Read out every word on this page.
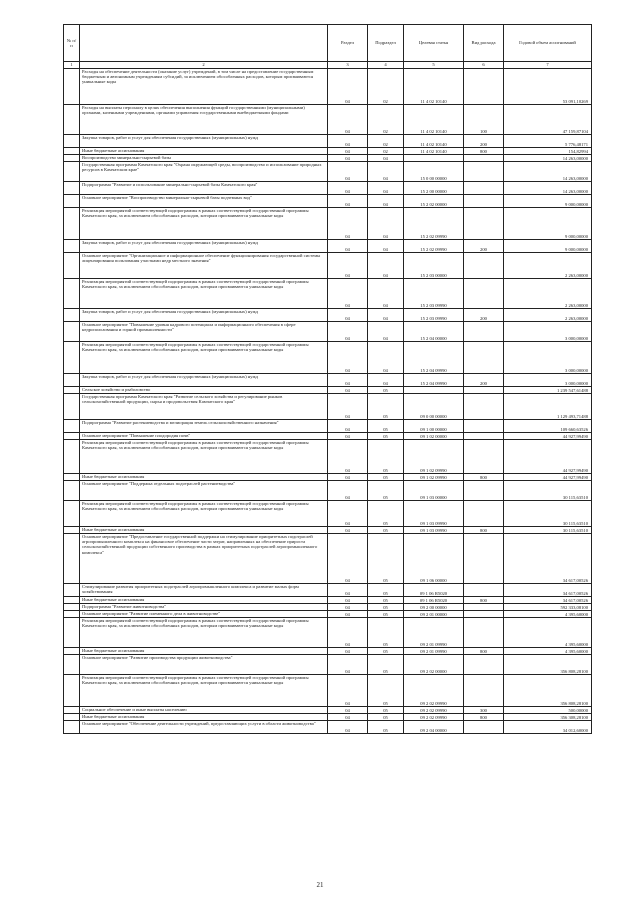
№ п/п		Раздел	Подраздел	Целевая статья	Вид расхода	Годовой объем ассигнований
1	2	3	4	5	6	7
	Расходы на обеспечение деятельности (оказание услуг) учреждений, в том числе на предоставление государственным бюджетным и автономным учреждениям субсидий, за исключением обособленных расходов, которым присваиваются уникальные коды	04	02	11 4 02 10140		53 091,10269
	Расходы на выплаты персоналу в целях обеспечения выполнения функций государственными (муниципальными) органами, казенными учреждениями, органами управления государственными внебюджетными фондами	04	02	11 4 02 10140	100	47 159,87104
	Закупка товаров, работ и услуг для обеспечения государственных (муниципальных) нужд	04	02	11 4 02 10140	200	5 776,48171
	Иные бюджетные ассигнования	04	02	11 4 02 10140	800	154,82994
	Воспроизводство минерально-сырьевой базы	04	04			14 263,00000
	Государственная программа Камчатского края "Охрана окружающей среды, воспроизводство и использование природных ресурсов в Камчатском крае"	04	04	15 0 00 00000		14 263,00000
	Подпрограмма "Развитие и использование минерально-сырьевой базы Камчатского края"	04	04	15 2 00 00000		14 263,00000
	Основное мероприятие "Воспроизводство минерально-сырьевой базы подземных вод"	04	04	15 2 02 00000		9 000,00000
	Реализация мероприятий соответствующей подпрограммы в рамках соответствующей государственной программы Камчатского края, за исключением обособленных расходов, которым присваиваются уникальные коды	04	04	15 2 02 09990		9 000,00000
	Закупка товаров, работ и услуг для обеспечения государственных (муниципальных) нужд	04	04	15 2 02 09990	200	9 000,00000
	Основное мероприятие "Организационное и информационное обеспечение функционирования государственной системы лицензирования пользования участками недр местного значения"	04	04	15 2 03 00000		2 263,00000
	Реализация мероприятий соответствующей подпрограммы в рамках соответствующей государственной программы Камчатского края, за исключением обособленных расходов, которым присваиваются уникальные коды	04	04	15 2 03 09990		2 263,00000
	Закупка товаров, работ и услуг для обеспечения государственных (муниципальных) нужд	04	04	15 2 03 09990	200	2 263,00000
	Основное мероприятие "Повышение уровня кадрового потенциала и информационного обеспечения в сфере недропользования и горной промышленности"	04	04	15 2 04 00000		3 000,00000
	Реализация мероприятий соответствующей подпрограммы в рамках соответствующей государственной программы Камчатского края, за исключением обособленных расходов, которым присваиваются уникальные коды	04	04	15 2 04 09990		3 000,00000
	Закупка товаров, работ и услуг для обеспечения государственных (муниципальных) нужд	04	04	15 2 04 09990	200	3 000,00000
	Сельское хозяйство и рыболовство	04	05			1 239 547,61488
	Государственная программа Камчатского края "Развитие сельского хозяйства и регулирование рынков сельскохозяйственной продукции, сырья и продовольствия Камчатского края"	04	05	09 0 00 00000		1 129 493,71488
	Подпрограмма "Развитие растениеводства и мелиорация земель сельскохозяйственного назначения"	04	05	09 1 00 00000		109 660,63526
	Основное мероприятие "Повышение плодородия почв"	04	05	09 1 02 00000		44 927,99490
	Реализация мероприятий соответствующей подпрограммы в рамках соответствующей государственной программы Камчатского края, за исключением обособленных расходов, которым присваиваются уникальные коды	04	05	09 1 02 09990		44 927,99490
	Иные бюджетные ассигнования	04	05	09 1 02 09990	800	44 927,99490
	Основное мероприятие "Поддержка отдельных подотраслей растениеводства"	04	05	09 1 03 00000		30 115,63510
	Реализация мероприятий соответствующей подпрограммы в рамках соответствующей государственной программы Камчатского края, за исключением обособленных расходов, которым присваиваются уникальные коды	04	05	09 1 03 09990		30 115,63510
	Иные бюджетные ассигнования	04	05	09 1 03 09990	800	30 115,63510
	Основное мероприятие "Предоставление государственной поддержки на стимулирование приоритетных подотраслей агропромышленного комплекса на финансовое обеспечение части затрат, направленных на обеспечение прироста сельскохозяйственной продукции собственного производства в рамках приоритетных подотраслей агропромышленного комплекса"	04	05	09 1 06 00000		34 617,00526
	Стимулирование развития приоритетных подотраслей агропромышленного комплекса и развитие малых форм хозяйствования	04	05	09 1 06 R5020		34 617,00526
	Иные бюджетные ассигнования	04	05	09 1 06 R5020	800	34 617,00526
	Подпрограмма "Развитие животноводства"	04	05	09 2 00 00000		592 333,08100
	Основное мероприятие "Развитие племенного дела в животноводстве"	04	05	09 2 01 00000		4 395,60000
	Реализация мероприятий соответствующей подпрограммы в рамках соответствующей государственной программы Камчатского края, за исключением обособленных расходов, которым присваиваются уникальные коды	04	05	09 2 01 09990		4 395,60000
	Иные бюджетные ассигнования	04	05	09 2 01 09990	800	4 395,60000
	Основное мероприятие "Развитие производства продукции животноводства"	04	05	09 2 02 00000		356 808,28100
	Реализация мероприятий соответствующей подпрограммы в рамках соответствующей государственной программы Камчатского края, за исключением обособленных расходов, которым присваиваются уникальные коды	04	05	09 2 02 09990		356 808,28100
	Социальное обеспечение и иные выплаты населению	04	05	09 2 02 09990	300	500,00000
	Иные бюджетные ассигнования	04	05	09 2 02 09990	800	356 308,28100
	Основное мероприятие "Обеспечение деятельности учреждений, предоставляющих услуги в области животноводства"	04	05	09 2 04 00000		34 012,60000
21
